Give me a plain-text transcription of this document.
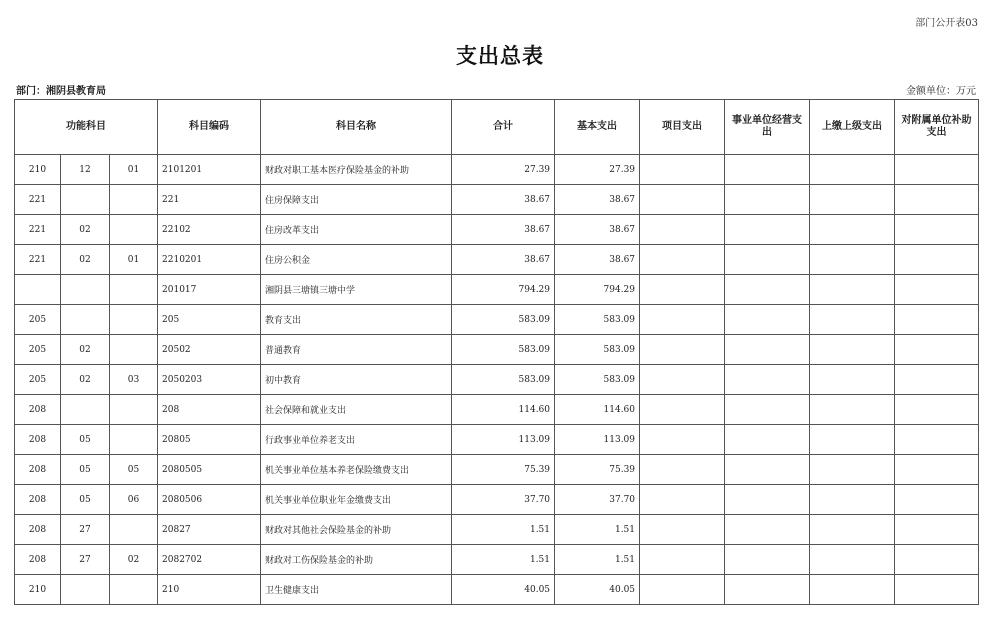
部门公开表03
支出总表
部门：湘阴县教育局	金额单位：万元
功能科目			科目编码	科目名称	合计	基本支出	项目支出	事业单位经营支出	上缴上级支出	对附属单位补助支出
210	12	01	2101201	财政对职工基本医疗保险基金的补助	27.39	27.39				
221			221	住房保障支出	38.67	38.67				
221	02		22102	住房改革支出	38.67	38.67				
221	02	01	2210201	住房公积金	38.67	38.67				
			201017	湘阴县三塘镇三塘中学	794.29	794.29				
205			205	教育支出	583.09	583.09				
205	02		20502	普通教育	583.09	583.09				
205	02	03	2050203	初中教育	583.09	583.09				
208			208	社会保障和就业支出	114.60	114.60				
208	05		20805	行政事业单位养老支出	113.09	113.09				
208	05	05	2080505	机关事业单位基本养老保险缴费支出	75.39	75.39				
208	05	06	2080506	机关事业单位职业年金缴费支出	37.70	37.70				
208	27		20827	财政对其他社会保险基金的补助	1.51	1.51				
208	27	02	2082702	财政对工伤保险基金的补助	1.51	1.51				
210			210	卫生健康支出	40.05	40.05				
